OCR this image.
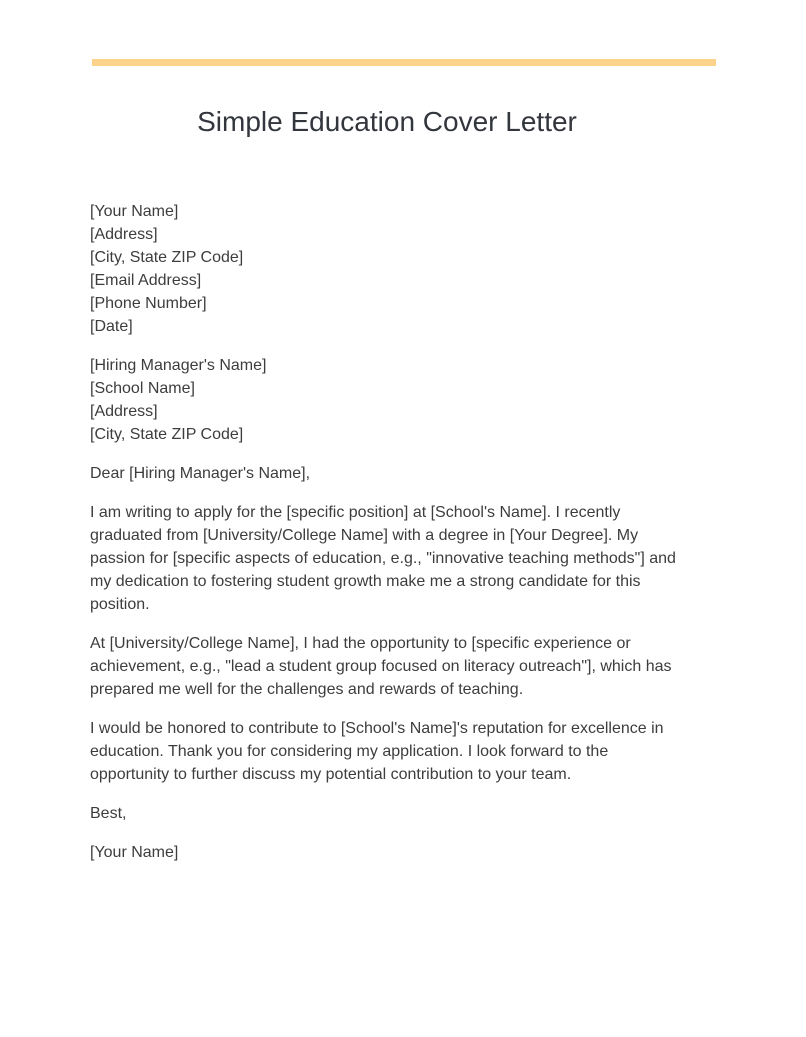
Simple Education Cover Letter
[Your Name]
[Address]
[City, State ZIP Code]
[Email Address]
[Phone Number]
[Date]
[Hiring Manager's Name]
[School Name]
[Address]
[City, State ZIP Code]

Dear [Hiring Manager's Name],

I am writing to apply for the [specific position] at [School's Name]. I recently graduated from [University/College Name] with a degree in [Your Degree]. My passion for [specific aspects of education, e.g., "innovative teaching methods"] and my dedication to fostering student growth make me a strong candidate for this position.

At [University/College Name], I had the opportunity to [specific experience or achievement, e.g., "lead a student group focused on literacy outreach"], which has prepared me well for the challenges and rewards of teaching.

I would be honored to contribute to [School's Name]'s reputation for excellence in education. Thank you for considering my application. I look forward to the opportunity to further discuss my potential contribution to your team.

Best,

[Your Name]
